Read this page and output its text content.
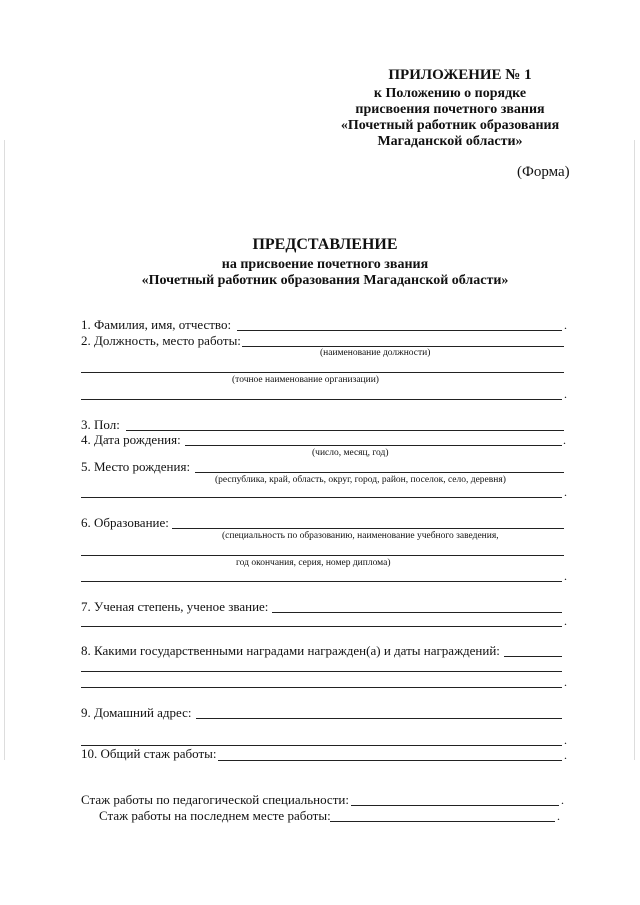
ПРИЛОЖЕНИЕ № 1
к Положению о порядке
присвоения почетного звания
«Почетный работник образования
Магаданской области»
(Форма)
ПРЕДСТАВЛЕНИЕ
на присвоение почетного звания
«Почетный работник образования Магаданской области»
1. Фамилия, имя, отчество:	.
2. Должность, место работы:
(наименование должности)
(точное наименование организации)
.
3. Пол:
4. Дата рождения:	.
(число, месяц, год)
5. Место рождения:
(республика, край, область, округ, город, район, поселок, село, деревня)
.
6. Образование:
(специальность по образованию, наименование учебного заведения,
год окончания, серия, номер диплома)
.
7. Ученая степень, ученое звание:
.
8. Какими государственными наградами награжден(а) и даты награждений:
.
9. Домашний адрес:
.
10. Общий стаж работы:	.
Стаж работы по педагогической специальности:	.
Стаж работы на последнем месте работы:	.
